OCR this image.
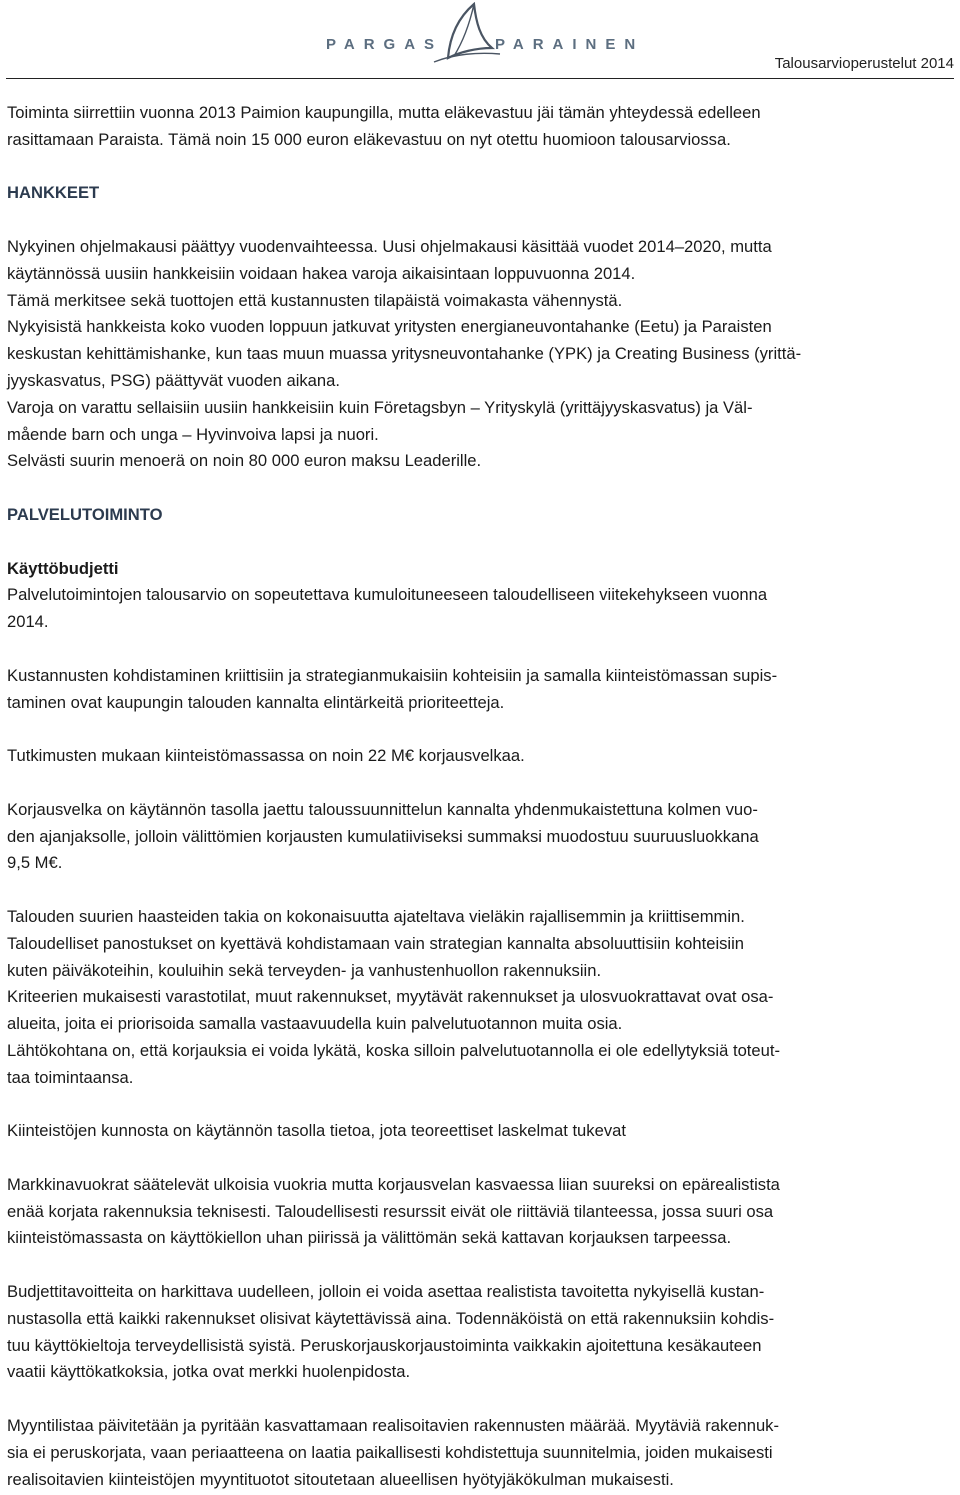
PARGAS	PARAINEN
Talousarvioperustelut 2014

Toiminta siirrettiin vuonna 2013 Paimion kaupungilla, mutta eläkevastuu jäi tämän yhteydessä edelleen

rasittamaan Paraista. Tämä noin 15 000 euron eläkevastuu on nyt otettu huomioon talousarviossa.

HANKKEET

Nykyinen ohjelmakausi päättyy vuodenvaihteessa. Uusi ohjelmakausi käsittää vuodet 2014–2020, mutta

käytännössä uusiin hankkeisiin voidaan hakea varoja aikaisintaan loppuvuonna 2014.

Tämä merkitsee sekä tuottojen että kustannusten tilapäistä voimakasta vähennystä.

Nykyisistä hankkeista koko vuoden loppuun jatkuvat yritysten energianeuvontahanke (Eetu) ja Paraisten

keskustan kehittämishanke, kun taas muun muassa yritysneuvontahanke (YPK) ja Creating Business (yrittä-

jyyskasvatus, PSG) päättyvät vuoden aikana.

Varoja on varattu sellaisiin uusiin hankkeisiin kuin Företagsbyn – Yrityskylä (yrittäjyyskasvatus) ja Väl-

mående barn och unga – Hyvinvoiva lapsi ja nuori.

Selvästi suurin menoerä on noin 80 000 euron maksu Leaderille.

PALVELUTOIMINTO

Käyttöbudjetti

Palvelutoimintojen talousarvio on sopeutettava kumuloituneeseen taloudelliseen viitekehykseen vuonna

2014.

Kustannusten kohdistaminen kriittisiin ja strategianmukaisiin kohteisiin ja samalla kiinteistömassan supis-

taminen ovat kaupungin talouden kannalta elintärkeitä prioriteetteja.

Tutkimusten mukaan kiinteistömassassa on noin 22 M€ korjausvelkaa.

Korjausvelka on käytännön tasolla jaettu taloussuunnittelun kannalta yhdenmukaistettuna kolmen vuo-

den ajanjaksolle, jolloin välittömien korjausten kumulatiiviseksi summaksi muodostuu suuruusluokkana

9,5 M€.

Talouden suurien haasteiden takia on kokonaisuutta ajateltava vieläkin rajallisemmin ja kriittisemmin.

Taloudelliset panostukset on kyettävä kohdistamaan vain strategian kannalta absoluuttisiin kohteisiin

kuten päiväkoteihin, kouluihin sekä terveyden- ja vanhustenhuollon rakennuksiin.

Kriteerien mukaisesti varastotilat, muut rakennukset, myytävät rakennukset ja ulosvuokrattavat ovat osa-

alueita, joita ei priorisoida samalla vastaavuudella kuin palvelutuotannon muita osia.

Lähtökohtana on, että korjauksia ei voida lykätä, koska silloin palvelutuotannolla ei ole edellytyksiä toteut-

taa toimintaansa.

Kiinteistöjen kunnosta on käytännön tasolla tietoa, jota teoreettiset laskelmat tukevat

Markkinavuokrat säätelevät ulkoisia vuokria mutta korjausvelan kasvaessa liian suureksi on epärealistista

enää korjata rakennuksia teknisesti. Taloudellisesti resurssit eivät ole riittäviä tilanteessa, jossa suuri osa

kiinteistömassasta on käyttökiellon uhan piirissä ja välittömän sekä kattavan korjauksen tarpeessa.

Budjettitavoitteita on harkittava uudelleen, jolloin ei voida asettaa realistista tavoitetta nykyisellä kustan-

nustasolla että kaikki rakennukset olisivat käytettävissä aina. Todennäköistä on että rakennuksiin kohdis-

tuu käyttökieltoja terveydellisistä syistä. Peruskorjauskorjaustoiminta vaikkakin ajoitettuna kesäkauteen

vaatii käyttökatkoksia, jotka ovat merkki huolenpidosta.

Myyntilistaa päivitetään ja pyritään kasvattamaan realisoitavien rakennusten määrää. Myytäviä rakennuk-

sia ei peruskorjata, vaan periaatteena on laatia paikallisesti kohdistettuja suunnitelmia, joiden mukaisesti

realisoitavien kiinteistöjen myyntituotot sitoutetaan alueellisen hyötyjäkökulman mukaisesti.
